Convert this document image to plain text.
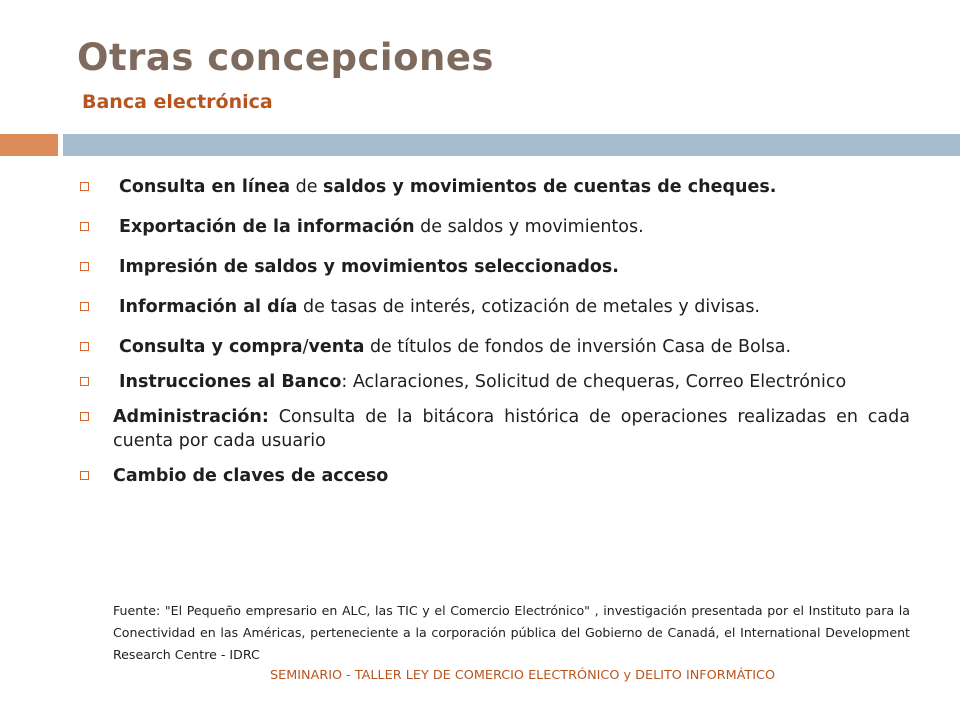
Otras concepciones
Banca electrónica
Consulta en línea de saldos y movimientos de cuentas de cheques.
Exportación de la información de saldos y movimientos.
Impresión de saldos y movimientos seleccionados.
Información al día de tasas de interés, cotización de metales y divisas.
Consulta y compra/venta de títulos de fondos de inversión Casa de Bolsa.
Instrucciones al Banco: Aclaraciones, Solicitud de chequeras, Correo Electrónico
Administración: Consulta de la bitácora histórica de operaciones realizadas en cada cuenta por cada usuario
Cambio de claves de acceso

Fuente: "El Pequeño empresario en ALC, las TIC y el Comercio Electrónico" , investigación presentada por el Instituto para la Conectividad en las Américas, perteneciente a la corporación pública del Gobierno de Canadá, el International Development Research Centre - IDRC

SEMINARIO - TALLER LEY DE COMERCIO ELECTRÓNICO y DELITO INFORMÁTICO
